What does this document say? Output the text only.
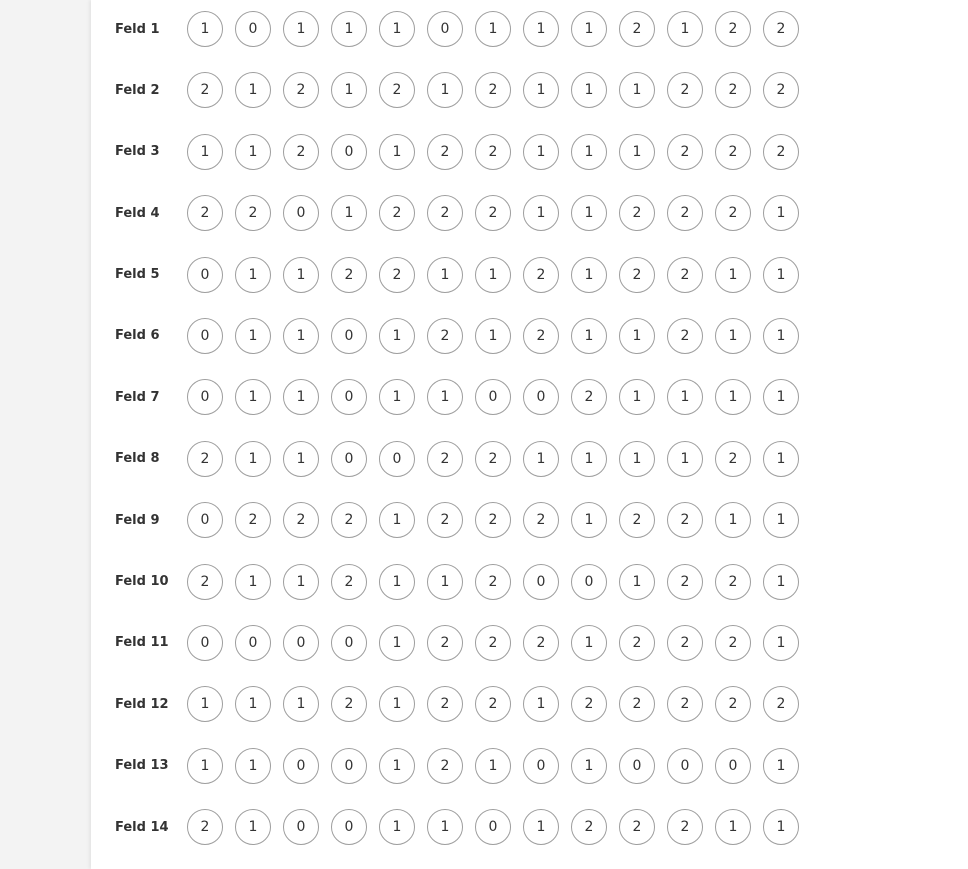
Feld 1	1	0	1	1	1	0	1	1	1	2	1	2	2
Feld 2	2	1	2	1	2	1	2	1	1	1	2	2	2
Feld 3	1	1	2	0	1	2	2	1	1	1	2	2	2
Feld 4	2	2	0	1	2	2	2	1	1	2	2	2	1
Feld 5	0	1	1	2	2	1	1	2	1	2	2	1	1
Feld 6	0	1	1	0	1	2	1	2	1	1	2	1	1
Feld 7	0	1	1	0	1	1	0	0	2	1	1	1	1
Feld 8	2	1	1	0	0	2	2	1	1	1	1	2	1
Feld 9	0	2	2	2	1	2	2	2	1	2	2	1	1
Feld 10	2	1	1	2	1	1	2	0	0	1	2	2	1
Feld 11	0	0	0	0	1	2	2	2	1	2	2	2	1
Feld 12	1	1	1	2	1	2	2	1	2	2	2	2	2
Feld 13	1	1	0	0	1	2	1	0	1	0	0	0	1
Feld 14	2	1	0	0	1	1	0	1	2	2	2	1	1
